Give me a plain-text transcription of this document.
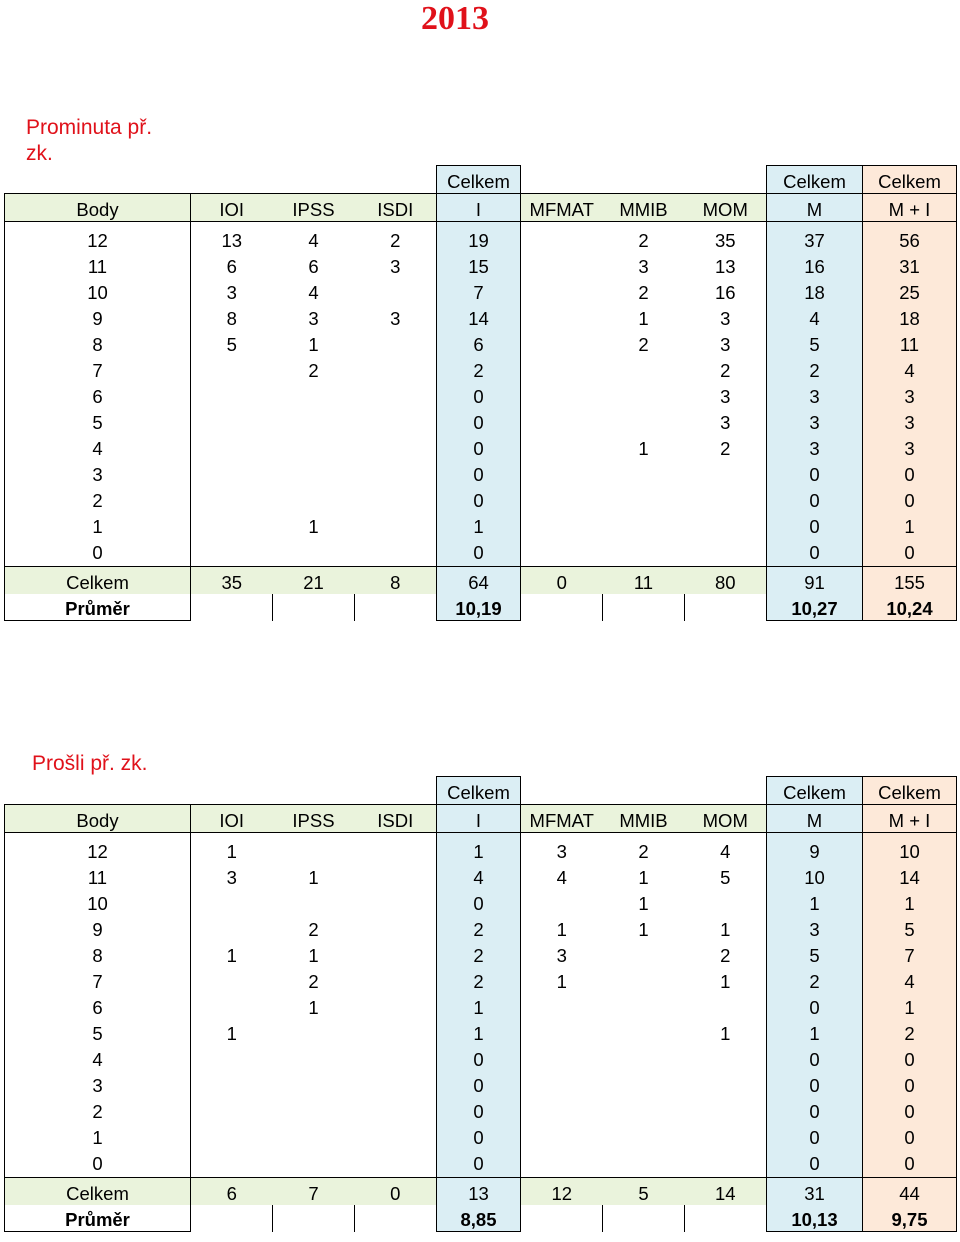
2013
Prominuta př. zk.
Prošli př. zk.
				Celkem				Celkem	Celkem
Body	IOI	IPSS	ISDI	I	MFMAT	MMIB	MOM	M	M + I

12	13	4	2	19		2	35	37	56
11	6	6	3	15		3	13	16	31
10	3	4		7		2	16	18	25
9	8	3	3	14		1	3	4	18
8	5	1		6		2	3	5	11
7		2		2			2	2	4
6				0			3	3	3
5				0			3	3	3
4				0		1	2	3	3
3				0				0	0
2				0				0	0
1		1		1				0	1
0				0				0	0
Celkem	35	21	8	64	0	11	80	91	155
Průměr				10,19				10,27	10,24
				Celkem				Celkem	Celkem
Body	IOI	IPSS	ISDI	I	MFMAT	MMIB	MOM	M	M + I

12	1			1	3	2	4	9	10
11	3	1		4	4	1	5	10	14
10				0		1		1	1
9		2		2	1	1	1	3	5
8	1	1		2	3		2	5	7
7		2		2	1		1	2	4
6		1		1				0	1
5	1			1			1	1	2
4				0				0	0
3				0				0	0
2				0				0	0
1				0				0	0
0				0				0	0
Celkem	6	7	0	13	12	5	14	31	44
Průměr				8,85				10,13	9,75
